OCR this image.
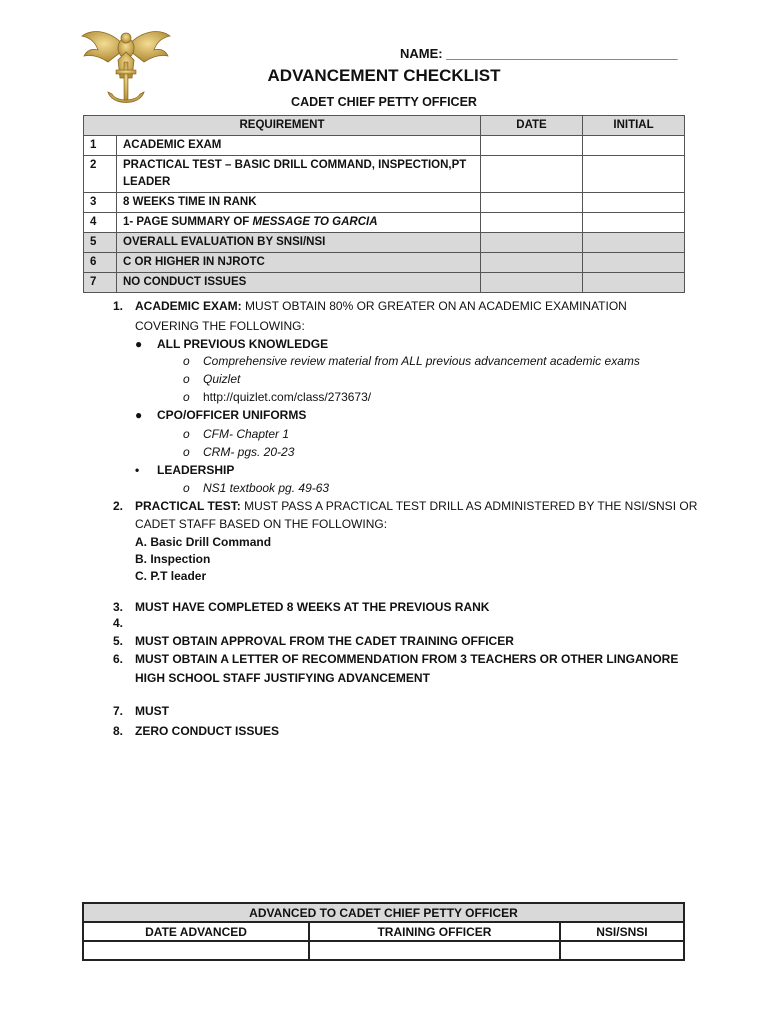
NAME: ________________________________
ADVANCEMENT CHECKLIST
CADET CHIEF PETTY OFFICER
REQUIREMENT		DATE	INITIAL
1	ACADEMIC EXAM		
2	PRACTICAL TEST – BASIC DRILL COMMAND, INSPECTION,PT
LEADER		
3	8 WEEKS TIME IN RANK		
4	1- PAGE SUMMARY OF MESSAGE TO GARCIA		
5	OVERALL EVALUATION BY SNSI/NSI		
6	C OR HIGHER IN NJROTC		
7	NO CONDUCT ISSUES		
1. ACADEMIC EXAM: MUST OBTAIN 80% OR GREATER ON AN ACADEMIC EXAMINATION
COVERING THE FOLLOWING:
● ALL PREVIOUS KNOWLEDGE
o Comprehensive review material from ALL previous advancement academic exams
o Quizlet
o http://quizlet.com/class/273673/
● CPO/OFFICER UNIFORMS
o CFM- Chapter 1
o CRM- pgs. 20-23
• LEADERSHIP
o NS1 textbook pg. 49-63
2. PRACTICAL TEST: MUST PASS A PRACTICAL TEST DRILL AS ADMINISTERED BY THE NSI/SNSI OR
CADET STAFF BASED ON THE FOLLOWING:
A. Basic Drill Command
B. Inspection
C. P.T leader
3. MUST HAVE COMPLETED 8 WEEKS AT THE PREVIOUS RANK
4.
5. MUST OBTAIN APPROVAL FROM THE CADET TRAINING OFFICER
6. MUST OBTAIN A LETTER OF RECOMMENDATION FROM 3 TEACHERS OR OTHER LINGANORE
HIGH SCHOOL STAFF JUSTIFYING ADVANCEMENT
7. MUST
8. ZERO CONDUCT ISSUES
ADVANCED TO CADET CHIEF PETTY OFFICER		
DATE ADVANCED	TRAINING OFFICER	NSI/SNSI
